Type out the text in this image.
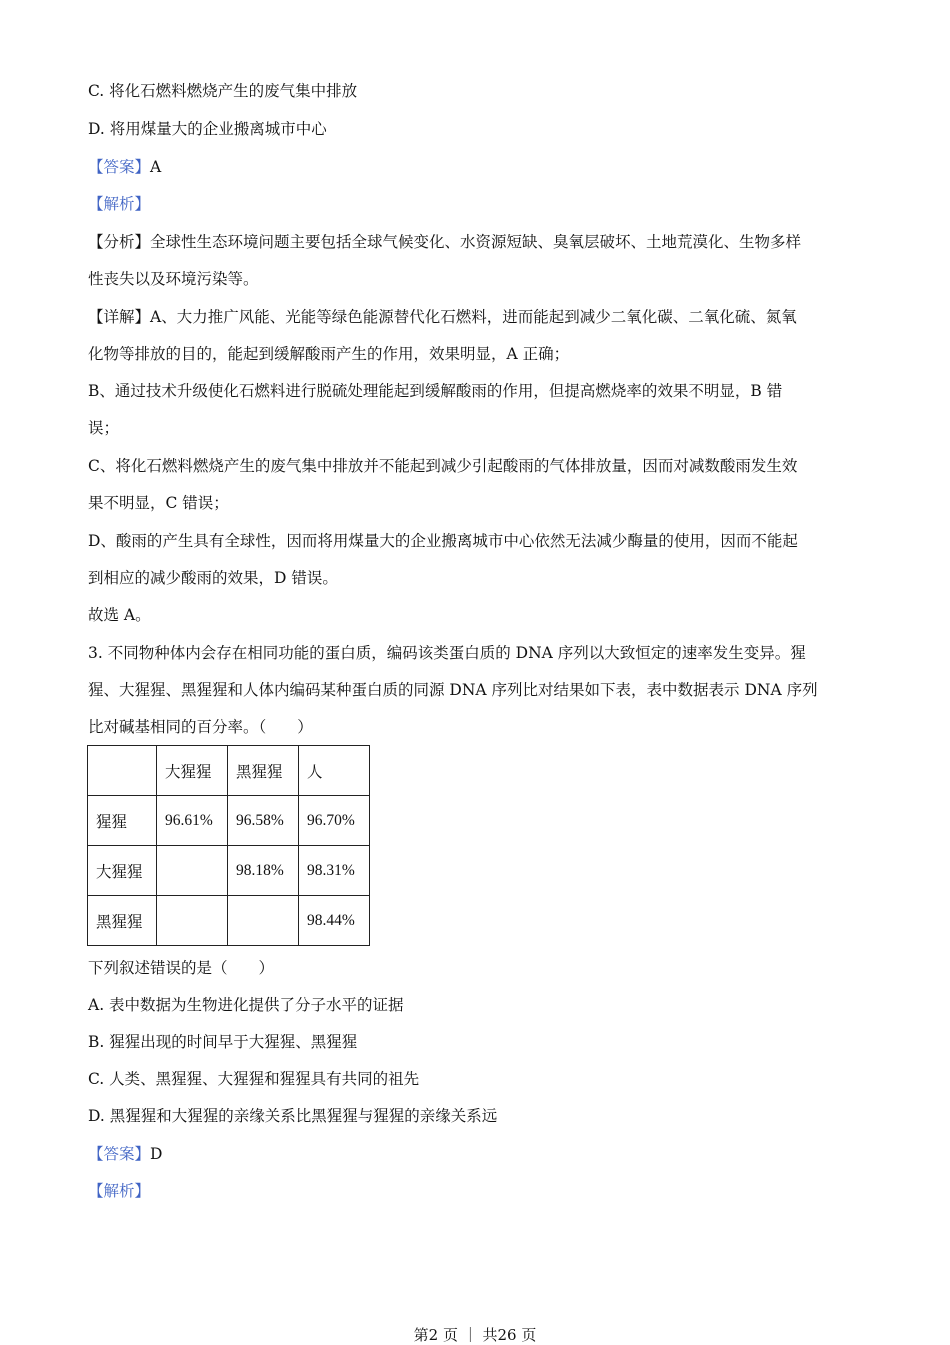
C. 将化石燃料燃烧产生的废气集中排放
D. 将用煤量大的企业搬离城市中心
【答案】A
【解析】
【分析】全球性生态环境问题主要包括全球气候变化、水资源短缺、臭氧层破坏、土地荒漠化、生物多样
性丧失以及环境污染等。
【详解】A、大力推广风能、光能等绿色能源替代化石燃料，进而能起到减少二氧化碳、二氧化硫、氮氧
化物等排放的目的，能起到缓解酸雨产生的作用，效果明显，A 正确；
B、通过技术升级使化石燃料进行脱硫处理能起到缓解酸雨的作用，但提高燃烧率的效果不明显，B 错
误；
C、将化石燃料燃烧产生的废气集中排放并不能起到减少引起酸雨的气体排放量，因而对减数酸雨发生效
果不明显，C 错误；
D、酸雨的产生具有全球性，因而将用煤量大的企业搬离城市中心依然无法减少酶量的使用，因而不能起
到相应的减少酸雨的效果，D 错误。
故选 A。
3. 不同物种体内会存在相同功能的蛋白质，编码该类蛋白质的 DNA 序列以大致恒定的速率发生变异。猩
猩、大猩猩、黑猩猩和人体内编码某种蛋白质的同源 DNA 序列比对结果如下表，表中数据表示 DNA 序列
比对碱基相同的百分率。（　　）
	大猩猩	黑猩猩	人
猩猩	96.61%	96.58%	96.70%
大猩猩		98.18%	98.31%
黑猩猩			98.44%
下列叙述错误的是（　　）
A. 表中数据为生物进化提供了分子水平的证据
B. 猩猩出现的时间早于大猩猩、黑猩猩
C. 人类、黑猩猩、大猩猩和猩猩具有共同的祖先
D. 黑猩猩和大猩猩的亲缘关系比黑猩猩与猩猩的亲缘关系远
【答案】D
【解析】
第2 页 ｜ 共26 页
